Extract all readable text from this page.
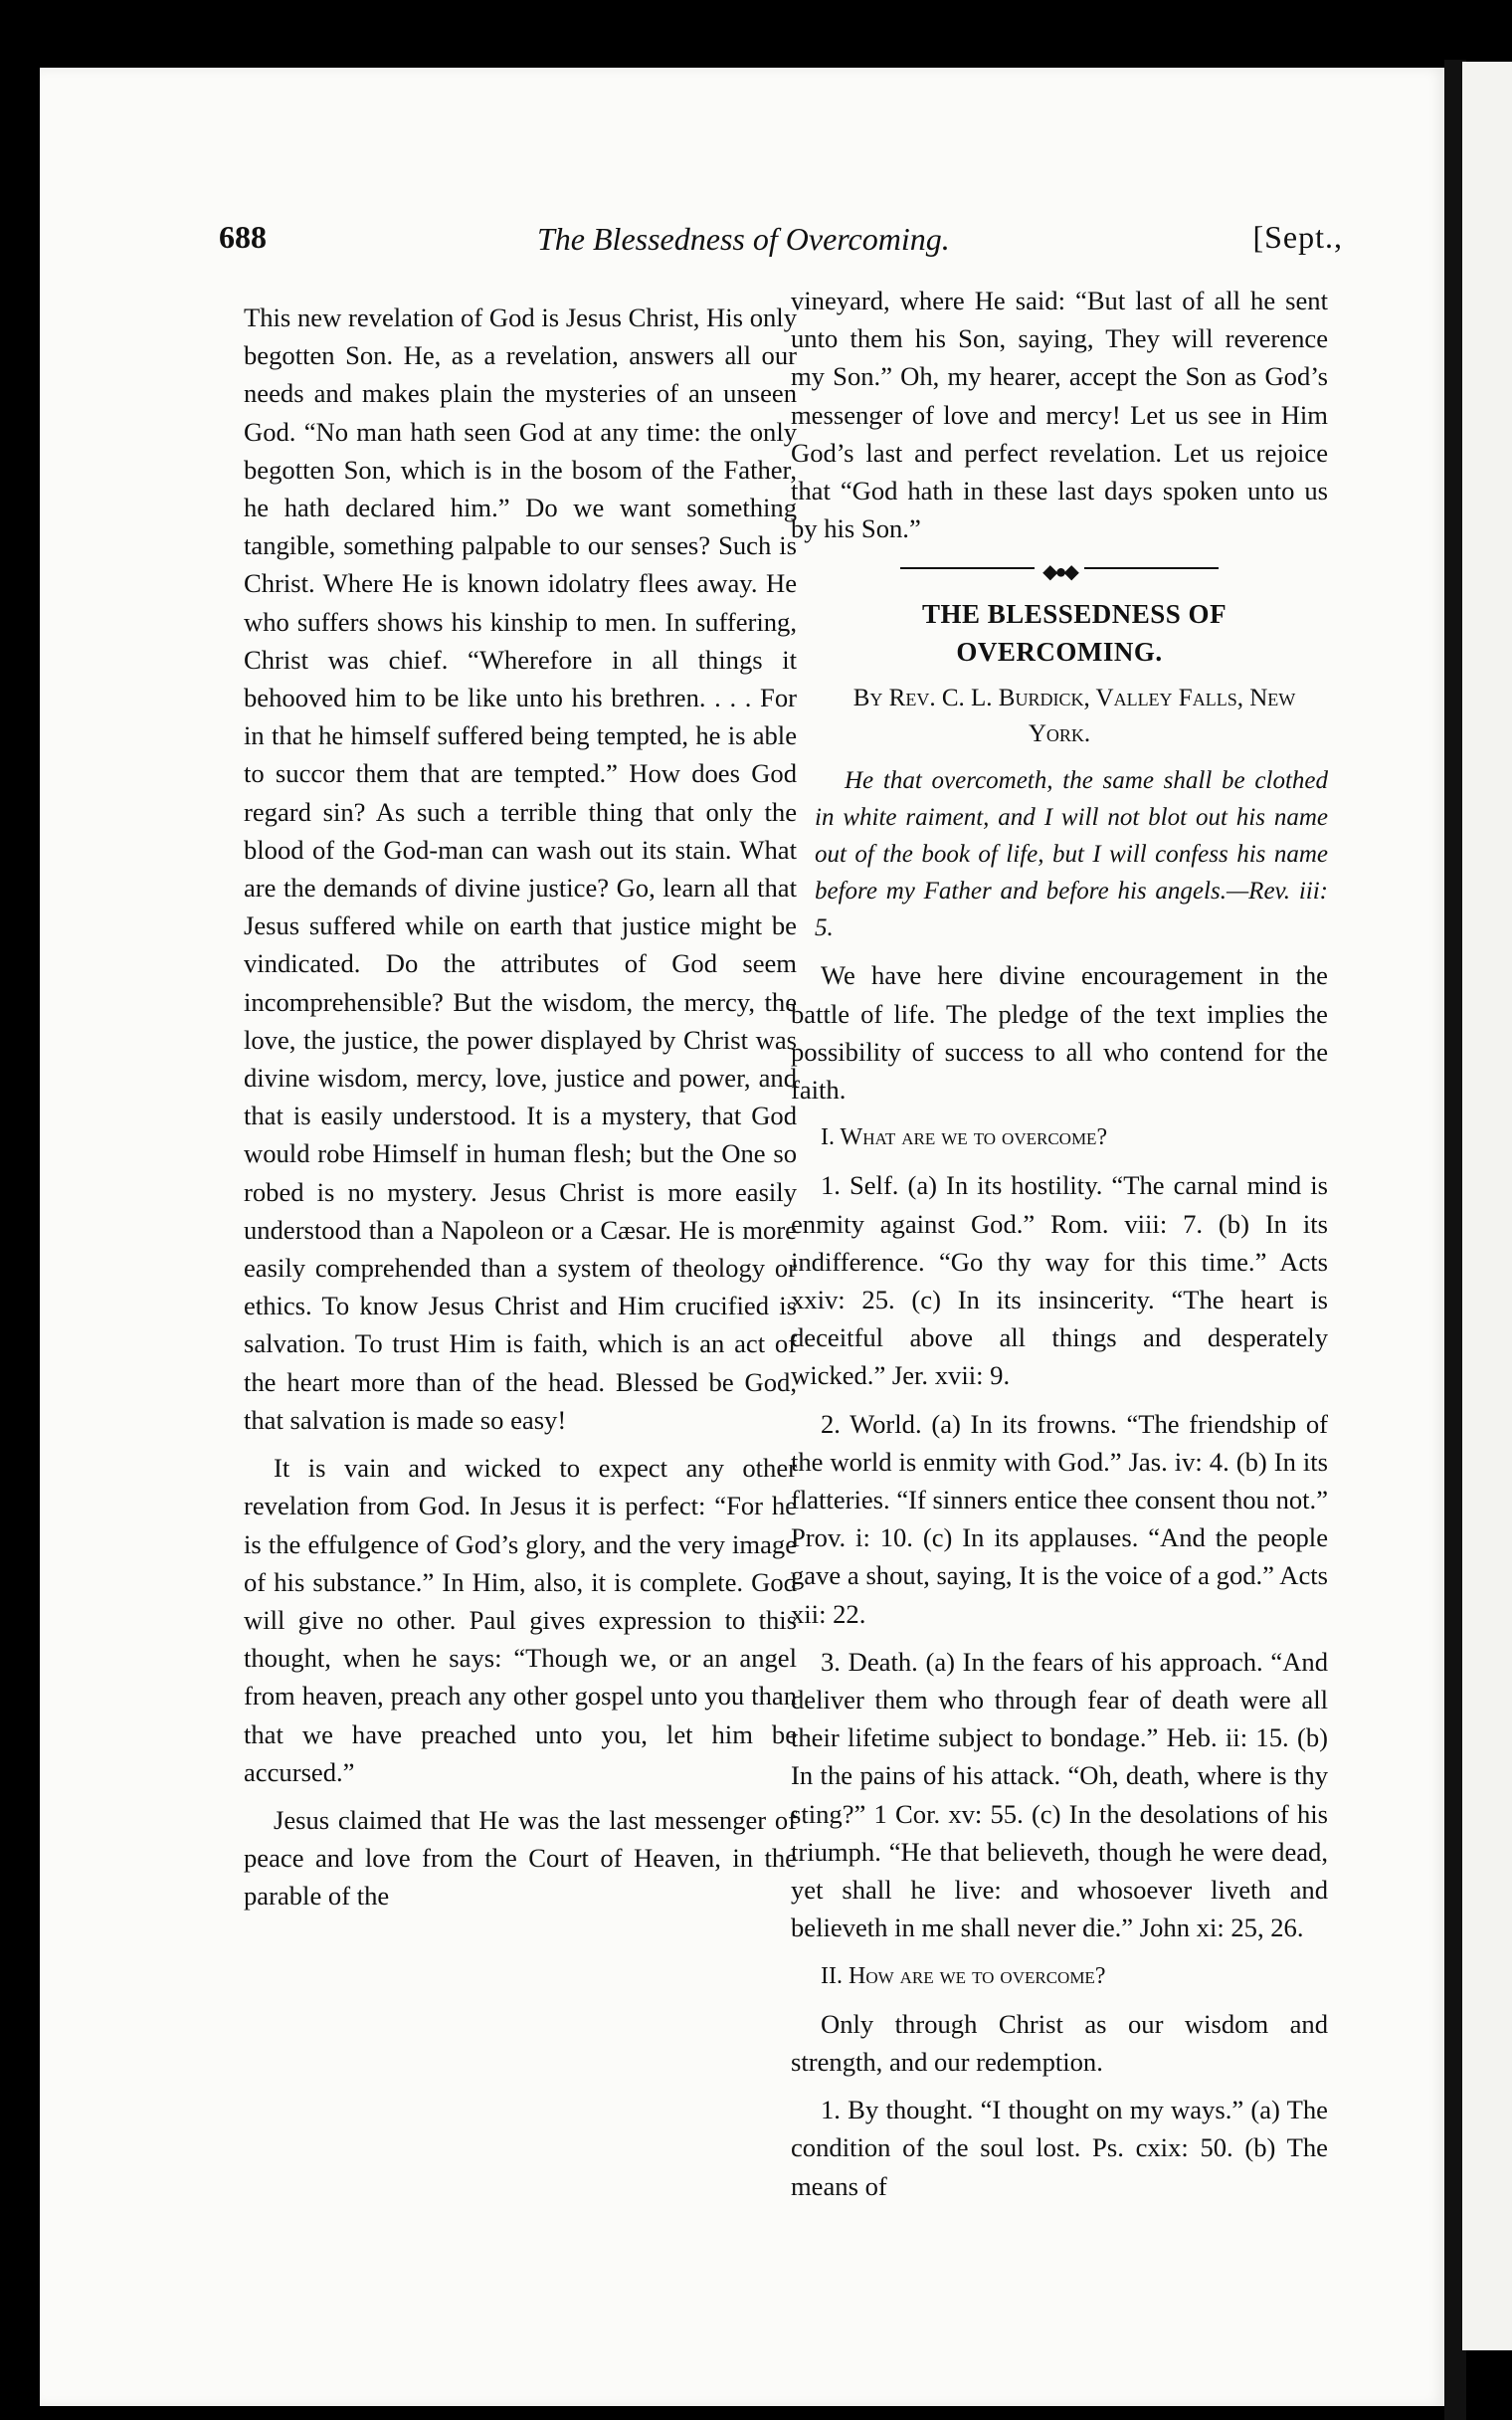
688	The Blessedness of Overcoming.	[Sept.,

This new revelation of God is Jesus Christ, His only begotten Son. He, as a revelation, answers all our needs and makes plain the mysteries of an unseen God. “No man hath seen God at any time: the only begotten Son, which is in the bosom of the Father, he hath declared him.” Do we want something tangible, something palpable to our senses? Such is Christ. Where He is known idolatry flees away. He who suffers shows his kinship to men. In suffering, Christ was chief. “Wherefore in all things it behooved him to be like unto his brethren. . . . For in that he himself suffered being tempted, he is able to succor them that are tempted.” How does God regard sin? As such a terrible thing that only the blood of the God-man can wash out its stain. What are the demands of divine justice? Go, learn all that Jesus suffered while on earth that justice might be vindicated. Do the attributes of God seem incomprehensible? But the wisdom, the mercy, the love, the justice, the power displayed by Christ was divine wisdom, mercy, love, justice and power, and that is easily understood. It is a mystery, that God would robe Himself in human flesh; but the One so robed is no mystery. Jesus Christ is more easily understood than a Napoleon or a Cæsar. He is more easily comprehended than a system of theology or ethics. To know Jesus Christ and Him crucified is salvation. To trust Him is faith, which is an act of the heart more than of the head. Blessed be God, that salvation is made so easy!

It is vain and wicked to expect any other revelation from God. In Jesus it is perfect: “For he is the effulgence of God’s glory, and the very image of his substance.” In Him, also, it is complete. God will give no other. Paul gives expression to this thought, when he says: “Though we, or an angel from heaven, preach any other gospel unto you than that we have preached unto you, let him be accursed.”

Jesus claimed that He was the last messenger of peace and love from the Court of Heaven, in the parable of the

vineyard, where He said: “But last of all he sent unto them his Son, saying, They will reverence my Son.” Oh, my hearer, accept the Son as God’s messenger of love and mercy! Let us see in Him God’s last and perfect revelation. Let us rejoice that “God hath in these last days spoken unto us by his Son.”

◆●◆

THE BLESSEDNESS OF OVERCOMING.

By Rev. C. L. Burdick, Valley Falls, New York.

He that overcometh, the same shall be clothed in white raiment, and I will not blot out his name out of the book of life, but I will confess his name before my Father and before his angels.—Rev. iii: 5.

We have here divine encouragement in the battle of life. The pledge of the text implies the possibility of success to all who contend for the faith.

I. What are we to overcome?

1. Self. (a) In its hostility. “The carnal mind is enmity against God.” Rom. viii: 7. (b) In its indifference. “Go thy way for this time.” Acts xxiv: 25. (c) In its insincerity. “The heart is deceitful above all things and desperately wicked.” Jer. xvii: 9.

2. World. (a) In its frowns. “The friendship of the world is enmity with God.” Jas. iv: 4. (b) In its flatteries. “If sinners entice thee consent thou not.” Prov. i: 10. (c) In its applauses. “And the people gave a shout, saying, It is the voice of a god.” Acts xii: 22.

3. Death. (a) In the fears of his approach. “And deliver them who through fear of death were all their lifetime subject to bondage.” Heb. ii: 15. (b) In the pains of his attack. “Oh, death, where is thy sting?” 1 Cor. xv: 55. (c) In the desolations of his triumph. “He that believeth, though he were dead, yet shall he live: and whosoever liveth and believeth in me shall never die.” John xi: 25, 26.

II. How are we to overcome?

Only through Christ as our wisdom and strength, and our redemption.

1. By thought. “I thought on my ways.” (a) The condition of the soul lost. Ps. cxix: 50. (b) The means of
